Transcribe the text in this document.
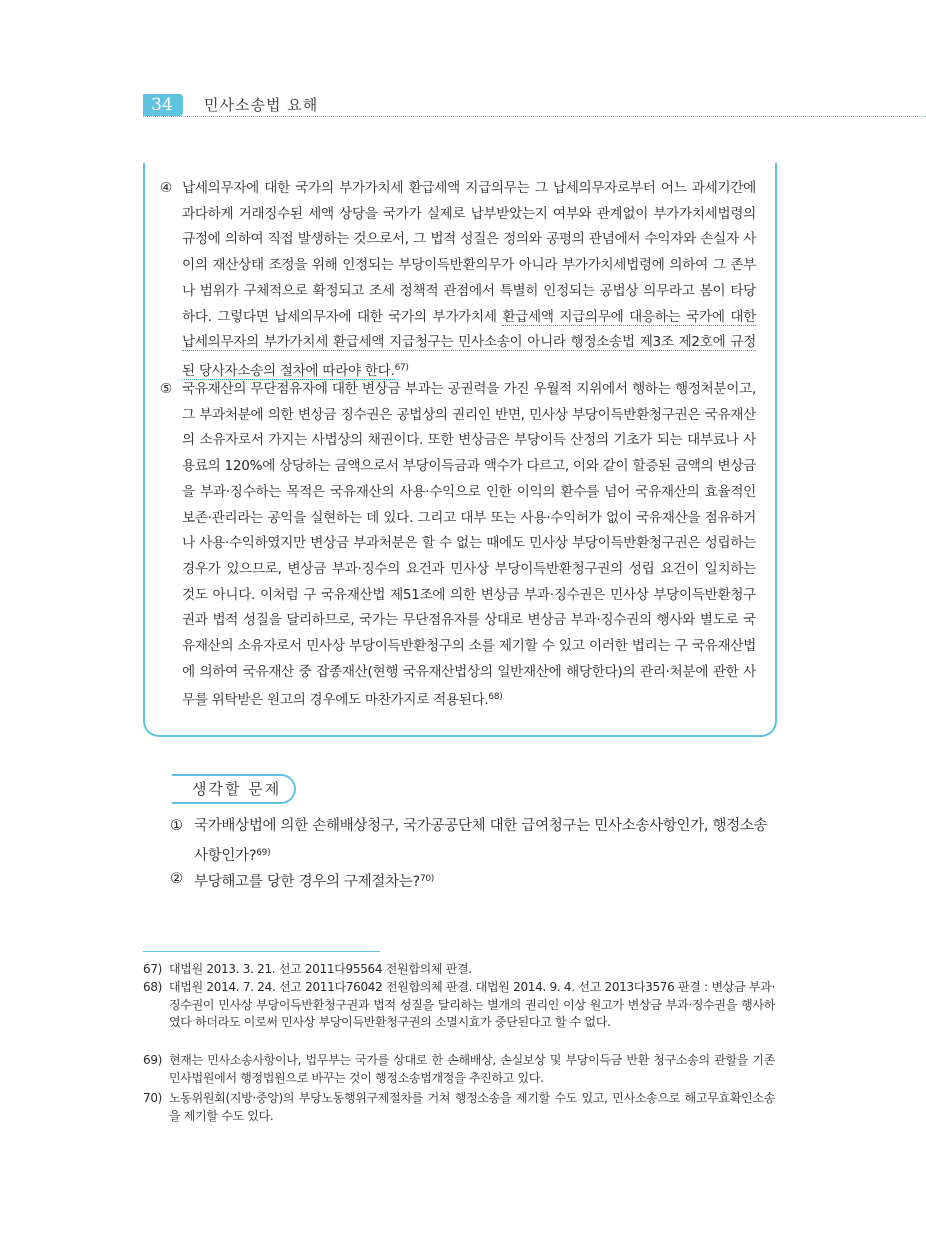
34	민사소송법 요해
④ 납세의무자에 대한 국가의 부가가치세 환급세액 지급의무는 그 납세의무자로부터 어느 과세기간에 과다하게 거래징수된 세액 상당을 국가가 실제로 납부받았는지 여부와 관계없이 부가가치세법령의 규정에 의하여 직접 발생하는 것으로서, 그 법적 성질은 정의와 공평의 관념에서 수익자와 손실자 사이의 재산상태 조정을 위해 인정되는 부당이득반환의무가 아니라 부가가치세법령에 의하여 그 존부나 범위가 구체적으로 확정되고 조세 정책적 관점에서 특별히 인정되는 공법상 의무라고 봄이 타당하다. 그렇다면 납세의무자에 대한 국가의 부가가치세 환급세액 지급의무에 대응하는 국가에 대한 납세의무자의 부가가치세 환급세액 지급청구는 민사소송이 아니라 행정소송법 제3조 제2호에 규정된 당사자소송의 절차에 따라야 한다.$^{67)}$
⑤ 국유재산의 무단점유자에 대한 변상금 부과는 공권력을 가진 우월적 지위에서 행하는 행정처분이고, 그 부과처분에 의한 변상금 징수권은 공법상의 권리인 반면, 민사상 부당이득반환청구권은 국유재산의 소유자로서 가지는 사법상의 채권이다. 또한 변상금은 부당이득 산정의 기초가 되는 대부료나 사용료의 120%에 상당하는 금액으로서 부당이득금과 액수가 다르고, 이와 같이 할증된 금액의 변상금을 부과·징수하는 목적은 국유재산의 사용·수익으로 인한 이익의 환수를 넘어 국유재산의 효율적인 보존·관리라는 공익을 실현하는 데 있다. 그리고 대부 또는 사용·수익허가 없이 국유재산을 점유하거나 사용·수익하였지만 변상금 부과처분은 할 수 없는 때에도 민사상 부당이득반환청구권은 성립하는 경우가 있으므로, 변상금 부과·징수의 요건과 민사상 부당이득반환청구권의 성립 요건이 일치하는 것도 아니다. 이처럼 구 국유재산법 제51조에 의한 변상금 부과·징수권은 민사상 부당이득반환청구권과 법적 성질을 달리하므로, 국가는 무단점유자를 상대로 변상금 부과·징수권의 행사와 별도로 국유재산의 소유자로서 민사상 부당이득반환청구의 소를 제기할 수 있고 이러한 법리는 구 국유재산법에 의하여 국유재산 중 잡종재산(현행 국유재산법상의 일반재산에 해당한다)의 관리·처분에 관한 사무를 위탁받은 원고의 경우에도 마찬가지로 적용된다.$^{68)}$
생각할 문제
① 국가배상법에 의한 손해배상청구, 국가공공단체 대한 급여청구는 민사소송사항인가, 행정소송사항인가?$^{69)}$
② 부당해고를 당한 경우의 구제절차는?$^{70)}$
67) 대법원 2013. 3. 21. 선고 2011다95564 전원합의체 판결.
68) 대법원 2014. 7. 24. 선고 2011다76042 전원합의체 판결. 대법원 2014. 9. 4. 선고 2013다3576 판결 : 변상금 부과·징수권이 민사상 부당이득반환청구권과 법적 성질을 달리하는 별개의 권리인 이상 원고가 변상금 부과·징수권을 행사하였다 하더라도 이로써 민사상 부당이득반환청구권의 소멸시효가 중단된다고 할 수 없다.
69) 현재는 민사소송사항이나, 법무부는 국가를 상대로 한 손해배상, 손실보상 및 부당이득금 반환 청구소송의 관할을 기존 민사법원에서 행정법원으로 바꾸는 것이 행정소송법개정을 추진하고 있다.
70) 노동위원회(지방·중앙)의 부당노동행위구제절차를 거쳐 행정소송을 제기할 수도 있고, 민사소송으로 해고무효확인소송을 제기할 수도 있다.
